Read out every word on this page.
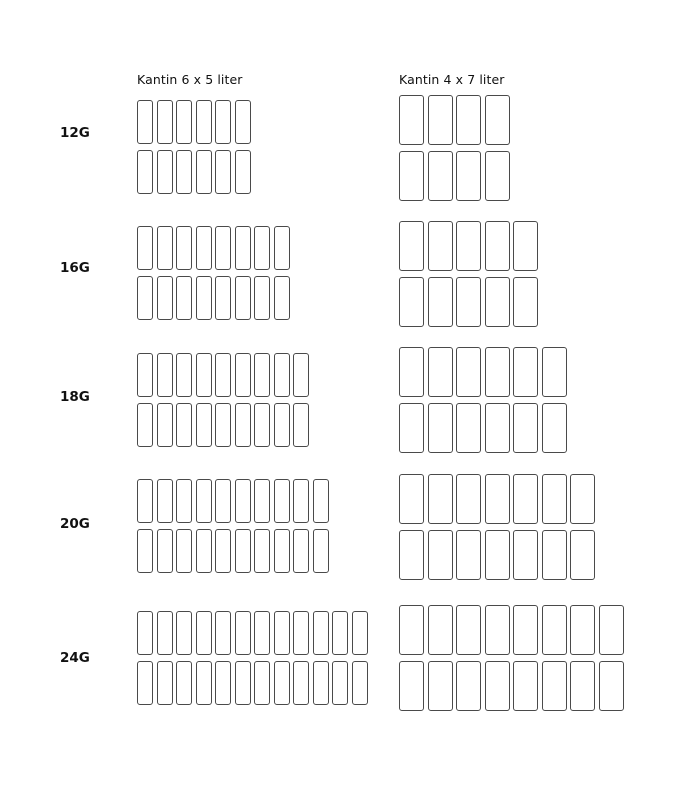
Kantin 6 x 5 liter	Kantin 4 x 7 liter
12G
16G
18G
20G
24G
